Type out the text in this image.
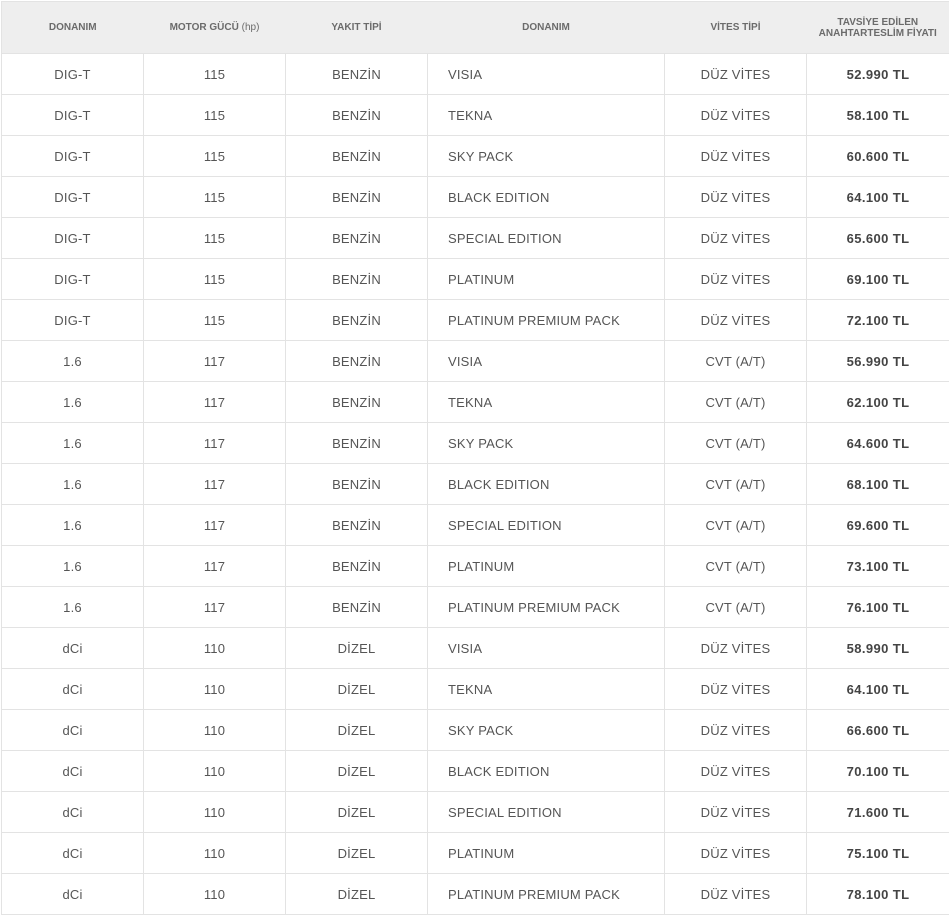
DONANIM	MOTOR GÜCÜ (hp)	YAKIT TİPİ	DONANIM	VİTES TİPİ	TAVSİYE EDİLEN
ANAHTARTESLİM FİYATI
DIG-T	115	BENZİN	VISIA	DÜZ VİTES	52.990 TL
DIG-T	115	BENZİN	TEKNA	DÜZ VİTES	58.100 TL
DIG-T	115	BENZİN	SKY PACK	DÜZ VİTES	60.600 TL
DIG-T	115	BENZİN	BLACK EDITION	DÜZ VİTES	64.100 TL
DIG-T	115	BENZİN	SPECIAL EDITION	DÜZ VİTES	65.600 TL
DIG-T	115	BENZİN	PLATINUM	DÜZ VİTES	69.100 TL
DIG-T	115	BENZİN	PLATINUM PREMIUM PACK	DÜZ VİTES	72.100 TL
1.6	117	BENZİN	VISIA	CVT (A/T)	56.990 TL
1.6	117	BENZİN	TEKNA	CVT (A/T)	62.100 TL
1.6	117	BENZİN	SKY PACK	CVT (A/T)	64.600 TL
1.6	117	BENZİN	BLACK EDITION	CVT (A/T)	68.100 TL
1.6	117	BENZİN	SPECIAL EDITION	CVT (A/T)	69.600 TL
1.6	117	BENZİN	PLATINUM	CVT (A/T)	73.100 TL
1.6	117	BENZİN	PLATINUM PREMIUM PACK	CVT (A/T)	76.100 TL
dCi	110	DİZEL	VISIA	DÜZ VİTES	58.990 TL
dCi	110	DİZEL	TEKNA	DÜZ VİTES	64.100 TL
dCi	110	DİZEL	SKY PACK	DÜZ VİTES	66.600 TL
dCi	110	DİZEL	BLACK EDITION	DÜZ VİTES	70.100 TL
dCi	110	DİZEL	SPECIAL EDITION	DÜZ VİTES	71.600 TL
dCi	110	DİZEL	PLATINUM	DÜZ VİTES	75.100 TL
dCi	110	DİZEL	PLATINUM PREMIUM PACK	DÜZ VİTES	78.100 TL
